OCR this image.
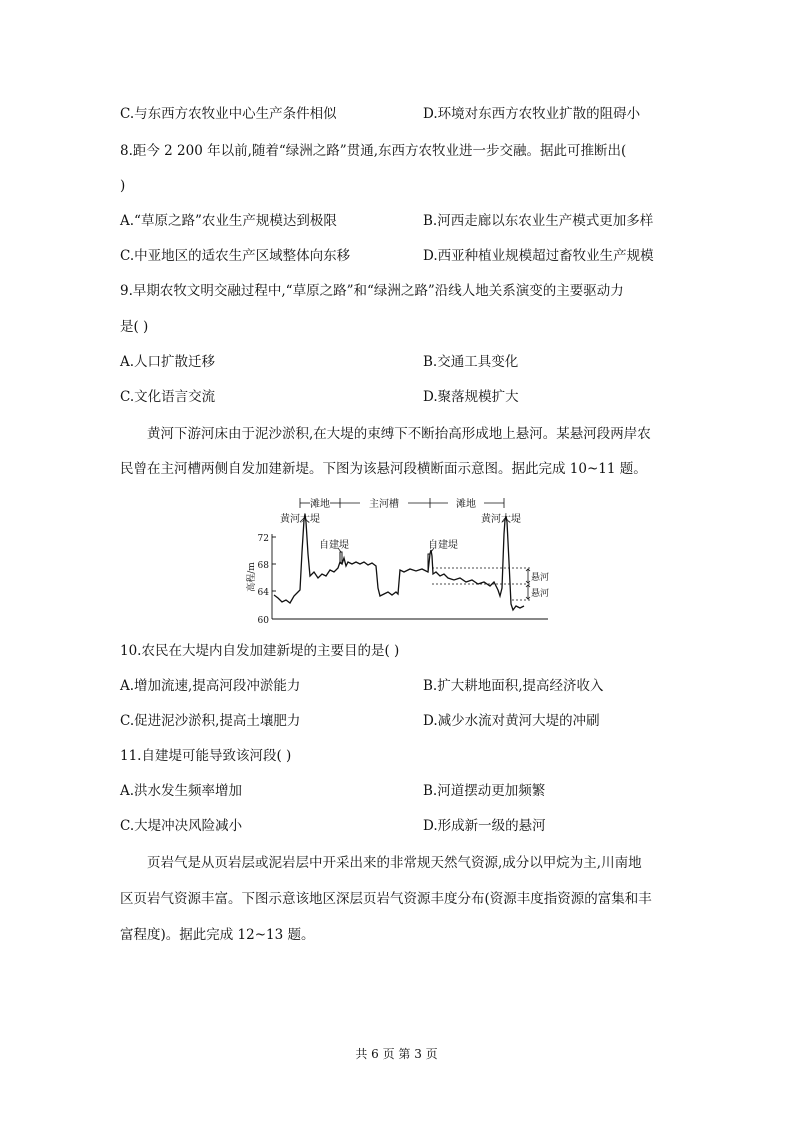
C.与东西方农牧业中心生产条件相似	D.环境对东西方农牧业扩散的阻碍小
8.距今 2 200 年以前,随着“绿洲之路”贯通,东西方农牧业进一步交融。据此可推断出(
)
A.“草原之路”农业生产规模达到极限	B.河西走廊以东农业生产模式更加多样
C.中亚地区的适农生产区域整体向东移	D.西亚种植业规模超过畜牧业生产规模
9.早期农牧文明交融过程中,“草原之路”和“绿洲之路”沿线人地关系演变的主要驱动力
是( )
A.人口扩散迁移	B.交通工具变化
C.文化语言交流	D.聚落规模扩大
黄河下游河床由于泥沙淤积,在大堤的束缚下不断抬高形成地上悬河。某悬河段两岸农
民曾在主河槽两侧自发加建新堤。下图为该悬河段横断面示意图。据此完成 10~11 题。
滩地	主河槽	滩地
72
68
64
60
高程/m
黄河大堤
自建堤	自建堤
黄河大堤
悬河
悬河
10.农民在大堤内自发加建新堤的主要目的是( )
A.增加流速,提高河段冲淤能力	B.扩大耕地面积,提高经济收入
C.促进泥沙淤积,提高土壤肥力	D.减少水流对黄河大堤的冲刷
11.自建堤可能导致该河段( )
A.洪水发生频率增加	B.河道摆动更加频繁
C.大堤冲决风险减小	D.形成新一级的悬河
页岩气是从页岩层或泥岩层中开采出来的非常规天然气资源,成分以甲烷为主,川南地
区页岩气资源丰富。下图示意该地区深层页岩气资源丰度分布(资源丰度指资源的富集和丰
富程度)。据此完成 12~13 题。
共 6 页 第 3 页
